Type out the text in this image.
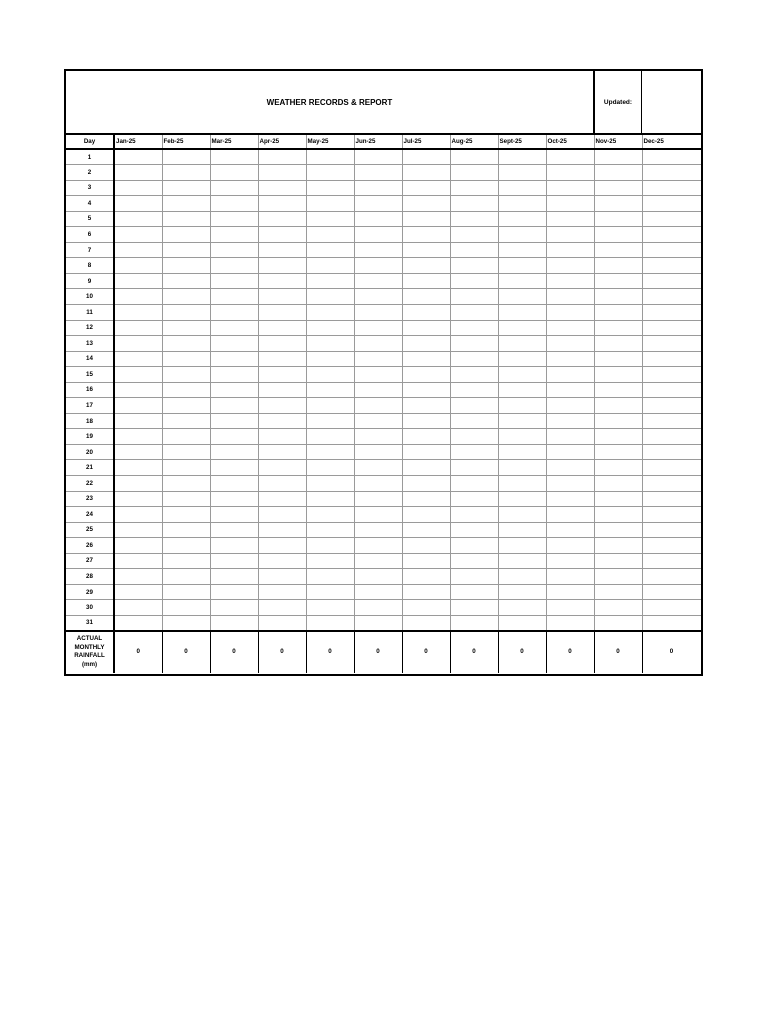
WEATHER RECORDS & REPORT	Updated:
Day	Jan-25	Feb-25	Mar-25	Apr-25	May-25	Jun-25	Jul-25	Aug-25	Sept-25	Oct-25	Nov-25	Dec-25
1												
2												
3												
4												
5												
6												
7												
8												
9												
10												
11												
12												
13												
14												
15												
16												
17												
18												
19												
20												
21												
22												
23												
24												
25												
26												
27												
28												
29												
30												
31												

ACTUAL
MONTHLY
RAINFALL
(mm)	0	0	0	0	0	0	0	0	0	0	0	0
